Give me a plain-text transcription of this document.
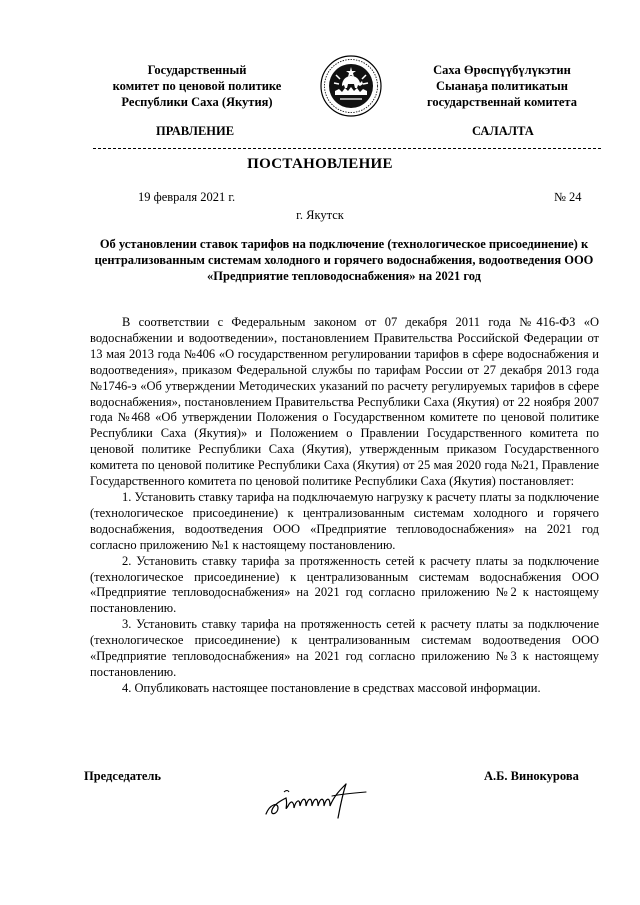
Государственный
комитет по ценовой политике
Республики Саха (Якутия)
Саха Өрөспүүбүлүкэтин
Сыанаҕа политикатын
государственнай комитета
ПРАВЛЕНИЕ	САЛАЛТА
ПОСТАНОВЛЕНИЕ
19 февраля 2021 г.	№ 24
г. Якутск
Об установлении ставок тарифов на подключение (технологическое присоединение) к централизованным системам холодного и горячего водоснабжения, водоотведения ООО «Предприятие тепловодоснабжения» на 2021 год

В соответствии с Федеральным законом от 07 декабря 2011 года №416-ФЗ «О водоснабжении и водоотведении», постановлением Правительства Российской Федерации от 13 мая 2013 года №406 «О государственном регулировании тарифов в сфере водоснабжения и водоотведения», приказом Федеральной службы по тарифам России от 27 декабря 2013 года №1746-э «Об утверждении Методических указаний по расчету регулируемых тарифов в сфере водоснабжения», постановлением Правительства Республики Саха (Якутия) от 22 ноября 2007 года №468 «Об утверждении Положения о Государственном комитете по ценовой политике Республики Саха (Якутия)» и Положением о Правлении Государственного комитета по ценовой политике Республики Саха (Якутия), утвержденным приказом Государственного комитета по ценовой политике Республики Саха (Якутия) от 25 мая 2020 года №21, Правление Государственного комитета по ценовой политике Республики Саха (Якутия) постановляет:

1. Установить ставку тарифа на подключаемую нагрузку к расчету платы за подключение (технологическое присоединение) к централизованным системам холодного и горячего водоснабжения, водоотведения ООО «Предприятие тепловодоснабжения» на 2021 год согласно приложению №1 к настоящему постановлению.

2. Установить ставку тарифа за протяженность сетей к расчету платы за подключение (технологическое присоединение) к централизованным системам водоснабжения ООО «Предприятие тепловодоснабжения» на 2021 год согласно приложению №2 к настоящему постановлению.

3. Установить ставку тарифа на протяженность сетей к расчету платы за подключение (технологическое присоединение) к централизованным системам водоотведения ООО «Предприятие тепловодоснабжения» на 2021 год согласно приложению №3 к настоящему постановлению.

4. Опубликовать настоящее постановление в средствах массовой информации.

Председатель	А.Б. Винокурова
